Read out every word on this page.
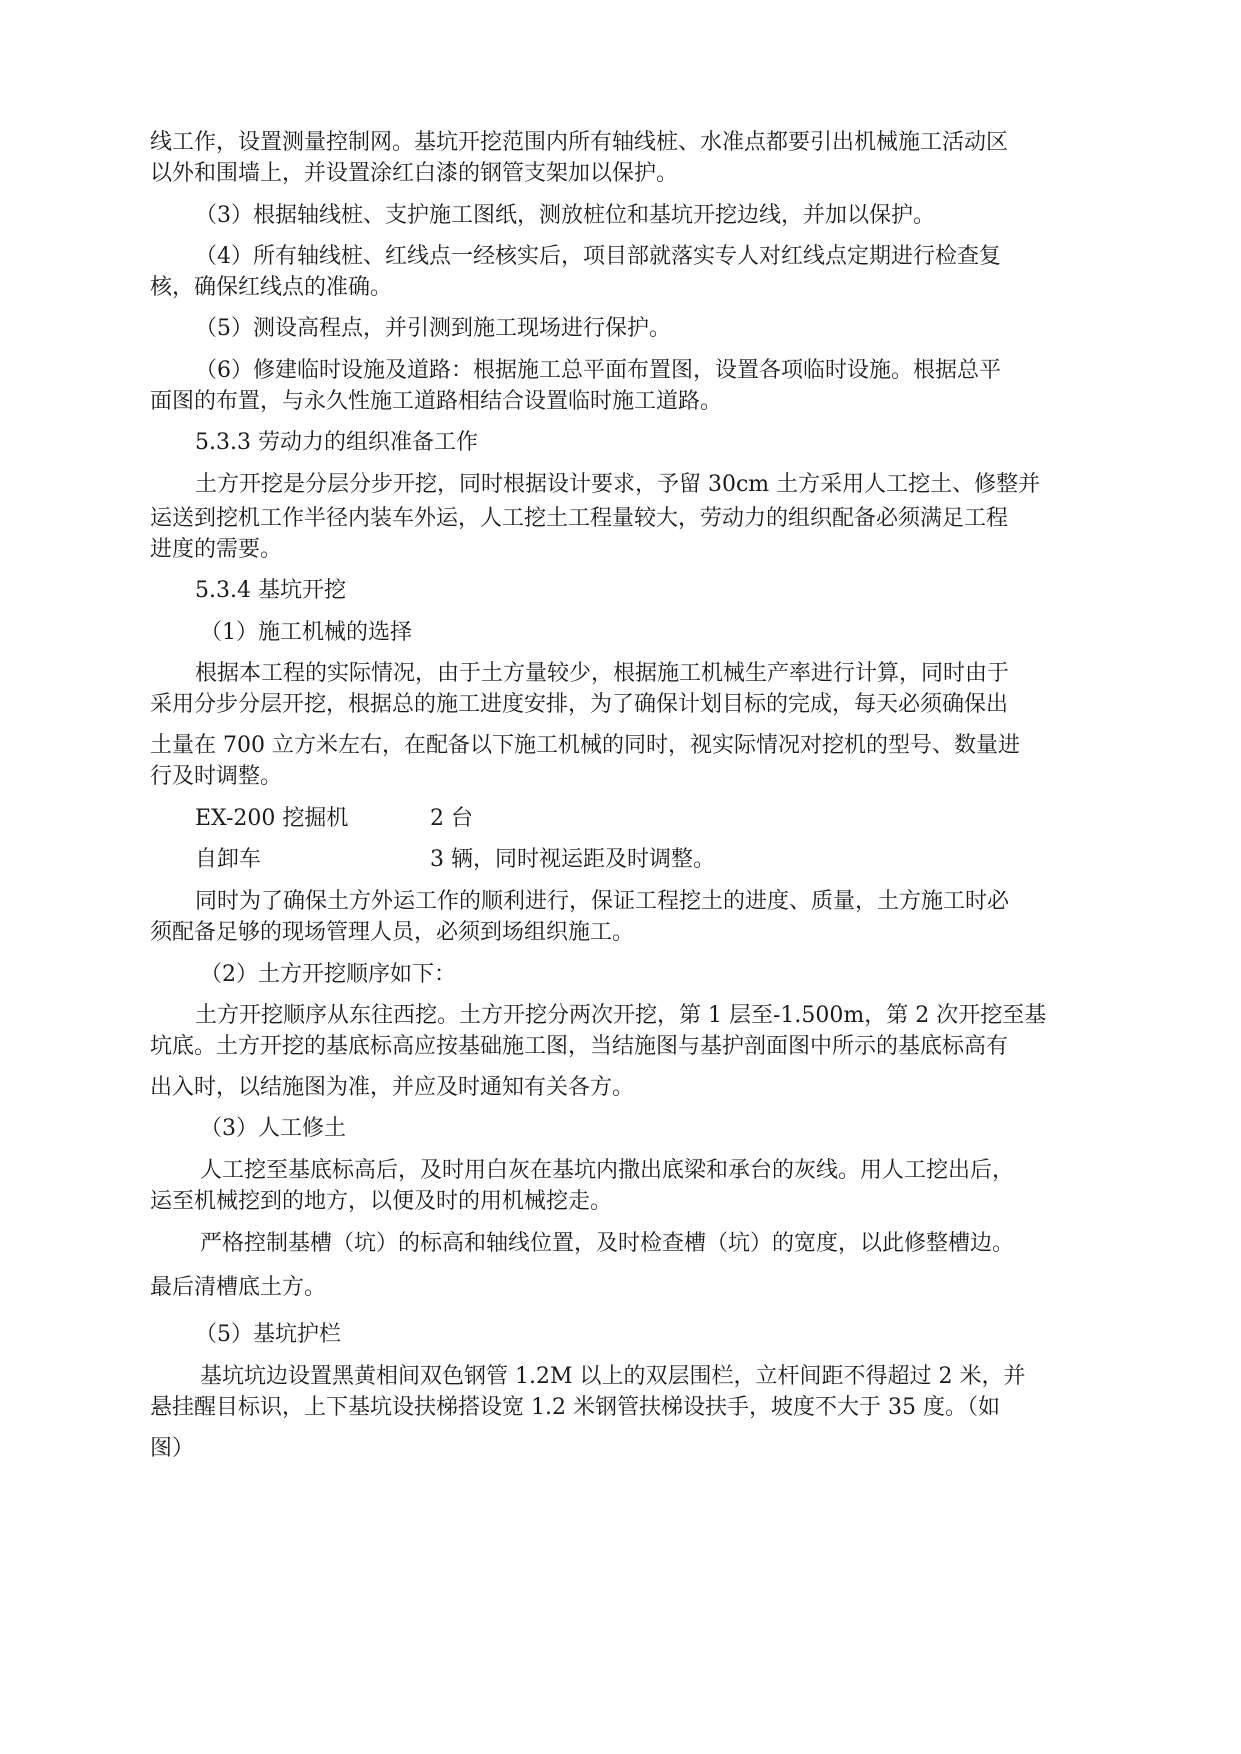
线工作，设置测量控制网。基坑开挖范围内所有轴线桩、水准点都要引出机械施工活动区
以外和围墙上，并设置涂红白漆的钢管支架加以保护。
（3）根据轴线桩、支护施工图纸，测放桩位和基坑开挖边线，并加以保护。
（4）所有轴线桩、红线点一经核实后，项目部就落实专人对红线点定期进行检查复
核，确保红线点的准确。
（5）测设高程点，并引测到施工现场进行保护。
（6）修建临时设施及道路：根据施工总平面布置图，设置各项临时设施。根据总平
面图的布置，与永久性施工道路相结合设置临时施工道路。
5.3.3 劳动力的组织准备工作
土方开挖是分层分步开挖，同时根据设计要求，予留 30cm 土方采用人工挖土、修整并
运送到挖机工作半径内装车外运，人工挖土工程量较大，劳动力的组织配备必须满足工程
进度的需要。
5.3.4 基坑开挖
（1）施工机械的选择
根据本工程的实际情况，由于土方量较少，根据施工机械生产率进行计算，同时由于
采用分步分层开挖，根据总的施工进度安排，为了确保计划目标的完成，每天必须确保出
土量在 700 立方米左右，在配备以下施工机械的同时，视实际情况对挖机的型号、数量进
行及时调整。
EX-200 挖掘机	2 台
自卸车	3 辆，同时视运距及时调整。
同时为了确保土方外运工作的顺利进行，保证工程挖土的进度、质量，土方施工时必
须配备足够的现场管理人员，必须到场组织施工。
（2）土方开挖顺序如下：
土方开挖顺序从东往西挖。土方开挖分两次开挖，第 1 层至-1.500m，第 2 次开挖至基
坑底。土方开挖的基底标高应按基础施工图，当结施图与基护剖面图中所示的基底标高有
出入时，以结施图为准，并应及时通知有关各方。
（3）人工修土
人工挖至基底标高后，及时用白灰在基坑内撒出底梁和承台的灰线。用人工挖出后，
运至机械挖到的地方，以便及时的用机械挖走。
严格控制基槽（坑）的标高和轴线位置，及时检查槽（坑）的宽度，以此修整槽边。
最后清槽底土方。
（5）基坑护栏
基坑坑边设置黑黄相间双色钢管 1.2M 以上的双层围栏，立杆间距不得超过 2 米，并
悬挂醒目标识，上下基坑设扶梯搭设宽 1.2 米钢管扶梯设扶手，坡度不大于 35 度。（如
图）
